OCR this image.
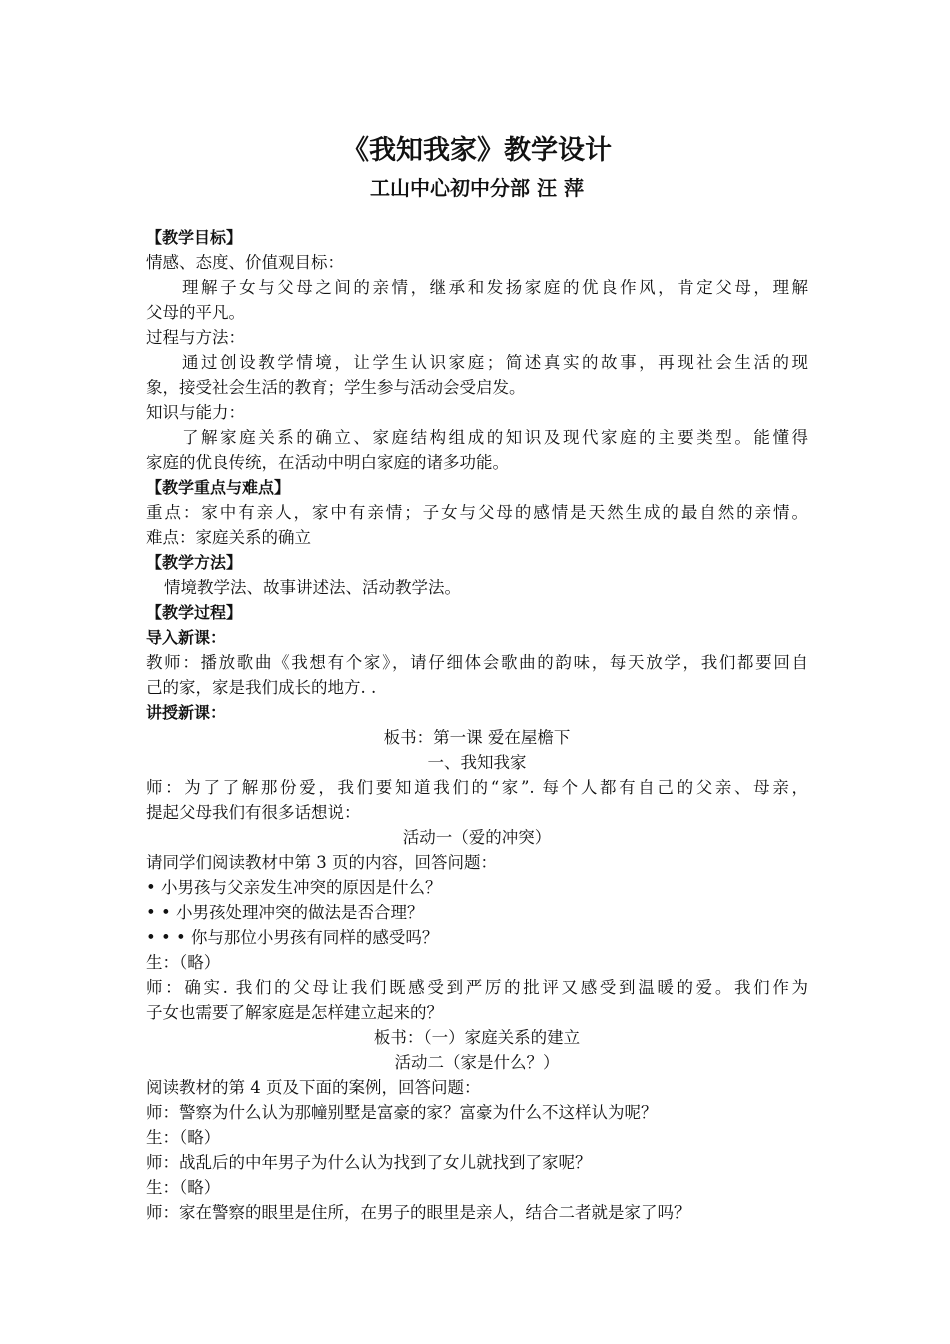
《我知我家》教学设计
工山中心初中分部 汪 萍
【教学目标】
情感、态度、价值观目标：
理解子女与父母之间的亲情，继承和发扬家庭的优良作风，肯定父母，理解
父母的平凡。
过程与方法：
通过创设教学情境，让学生认识家庭；简述真实的故事，再现社会生活的现
象，接受社会生活的教育；学生参与活动会受启发。
知识与能力：
了解家庭关系的确立、家庭结构组成的知识及现代家庭的主要类型。能懂得
家庭的优良传统，在活动中明白家庭的诸多功能。
【教学重点与难点】
重点：家中有亲人，家中有亲情；子女与父母的感情是天然生成的最自然的亲情。
难点：家庭关系的确立
【教学方法】
情境教学法、故事讲述法、活动教学法。
【教学过程】
导入新课：
教师：播放歌曲《我想有个家》，请仔细体会歌曲的韵味，每天放学，我们都要回自
己的家，家是我们成长的地方. .
讲授新课：
板书：第一课 爱在屋檐下
一、我知我家
师：为了了解那份爱，我们要知道我们的“家”. 每个人都有自己的父亲、母亲，
提起父母我们有很多话想说：
活动一（爱的冲突）
请同学们阅读教材中第 3 页的内容，回答问题：
• 小男孩与父亲发生冲突的原因是什么？
• • 小男孩处理冲突的做法是否合理？
• • • 你与那位小男孩有同样的感受吗？
生：（略）
师：确实. 我们的父母让我们既感受到严厉的批评又感受到温暖的爱。我们作为
子女也需要了解家庭是怎样建立起来的？
板书：（一）家庭关系的建立
活动二（家是什么？）
阅读教材的第 4 页及下面的案例，回答问题：
师：警察为什么认为那幢别墅是富豪的家？富豪为什么不这样认为呢？
生：（略）
师：战乱后的中年男子为什么认为找到了女儿就找到了家呢？
生：（略）
师：家在警察的眼里是住所，在男子的眼里是亲人，结合二者就是家了吗？
